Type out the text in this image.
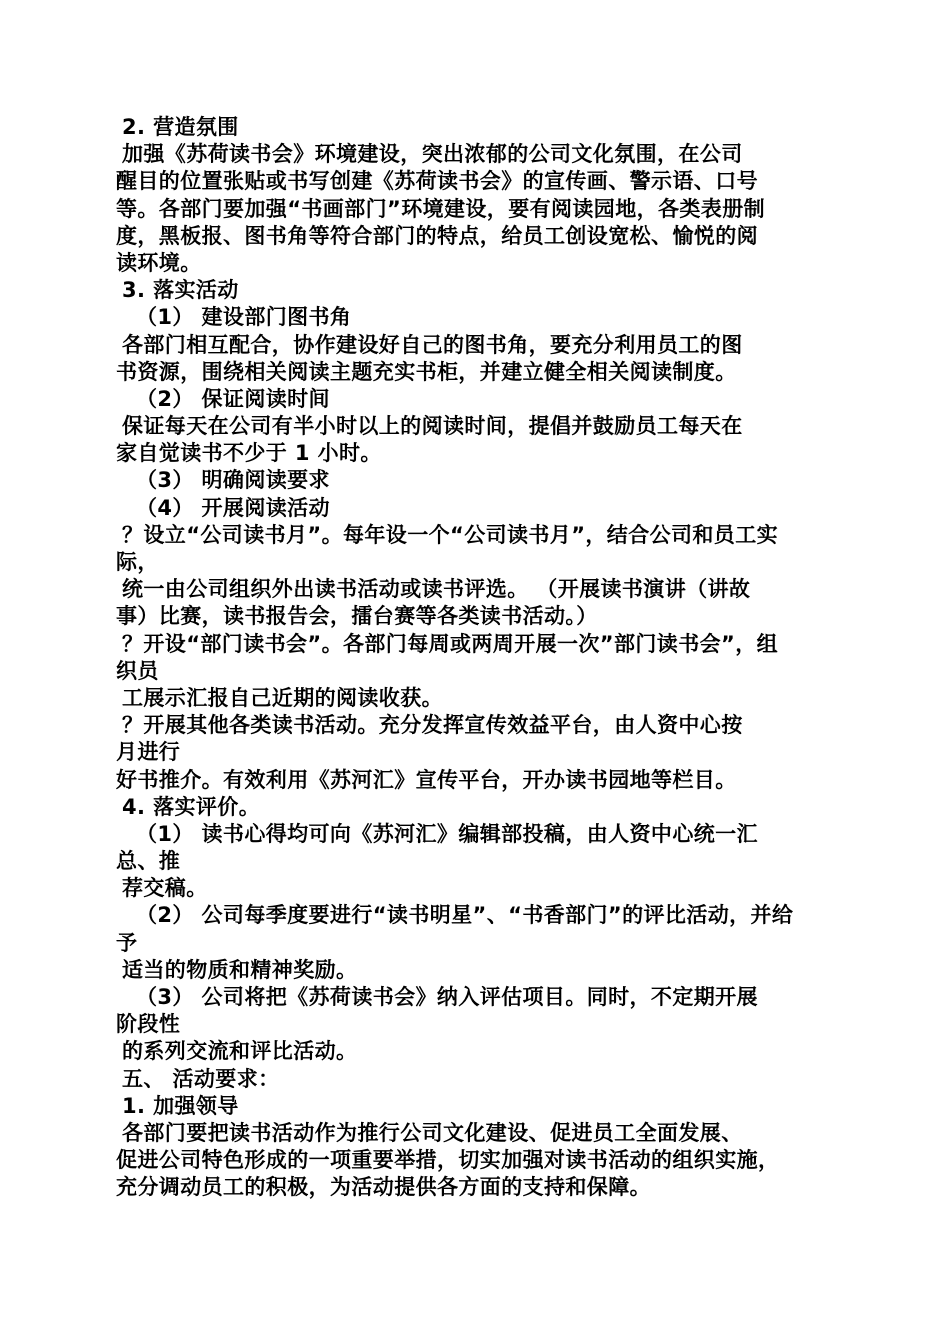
2. 营造氛围
加强《苏荷读书会》环境建设，突出浓郁的公司文化氛围，在公司
醒目的位置张贴或书写创建《苏荷读书会》的宣传画、警示语、口号
等。各部门要加强“书画部门”环境建设，要有阅读园地，各类表册制
度，黑板报、图书角等符合部门的特点，给员工创设宽松、愉悦的阅
读环境。
3. 落实活动
（1） 建设部门图书角
各部门相互配合，协作建设好自己的图书角，要充分利用员工的图
书资源，围绕相关阅读主题充实书柜，并建立健全相关阅读制度。
（2） 保证阅读时间
保证每天在公司有半小时以上的阅读时间，提倡并鼓励员工每天在
家自觉读书不少于 1 小时。
（3） 明确阅读要求
（4） 开展阅读活动
？设立“公司读书月”。每年设一个“公司读书月”，结合公司和员工实
际，
统一由公司组织外出读书活动或读书评选。 （开展读书演讲（讲故
事）比赛，读书报告会，擂台赛等各类读书活动。）
？开设“部门读书会”。各部门每周或两周开展一次”部门读书会”，组
织员
工展示汇报自己近期的阅读收获。
？开展其他各类读书活动。充分发挥宣传效益平台，由人资中心按
月进行
好书推介。有效利用《苏河汇》宣传平台，开办读书园地等栏目。
4. 落实评价。
（1） 读书心得均可向《苏河汇》编辑部投稿，由人资中心统一汇
总、推
荐交稿。
（2） 公司每季度要进行“读书明星”、“书香部门”的评比活动，并给
予
适当的物质和精神奖励。
（3） 公司将把《苏荷读书会》纳入评估项目。同时，不定期开展
阶段性
的系列交流和评比活动。
五、 活动要求：
1. 加强领导
各部门要把读书活动作为推行公司文化建设、促进员工全面发展、
促进公司特色形成的一项重要举措，切实加强对读书活动的组织实施，
充分调动员工的积极，为活动提供各方面的支持和保障。
